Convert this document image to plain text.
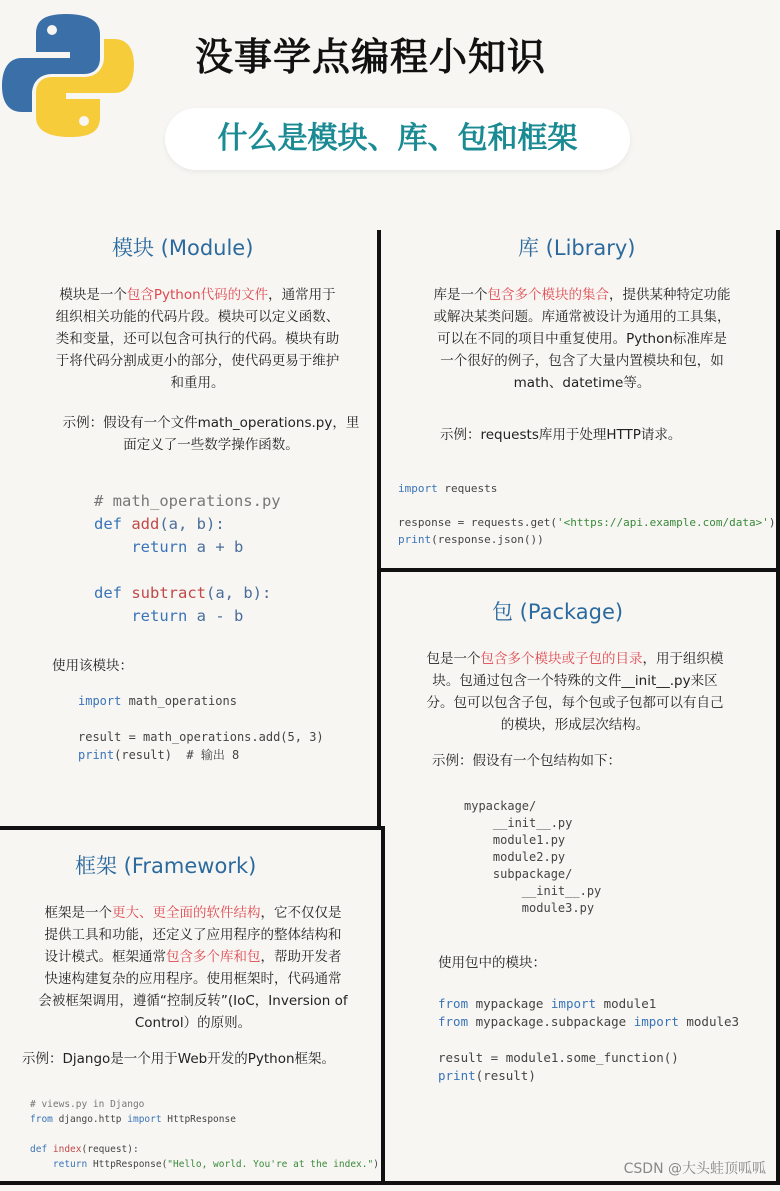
没事学点编程小知识
什么是模块、库、包和框架
模块 (Module)
模块是一个包含Python代码的文件，通常用于组织相关功能的代码片段。模块可以定义函数、类和变量，还可以包含可执行的代码。模块有助于将代码分割成更小的部分，使代码更易于维护和重用。
示例：假设有一个文件math_operations.py，里面定义了一些数学操作函数。
# math_operations.py
def add(a, b):
return a + b

def subtract(a, b):
return a - b
使用该模块：
import math_operations

result = math_operations.add(5, 3)
print(result)  # 输出 8
库 (Library)
库是一个包含多个模块的集合，提供某种特定功能或解决某类问题。库通常被设计为通用的工具集，可以在不同的项目中重复使用。Python标准库是一个很好的例子，包含了大量内置模块和包，如math、datetime等。
示例：requests库用于处理HTTP请求。
import requests

response = requests.get('<https://api.example.com/data>')
print(response.json())
包 (Package)
包是一个包含多个模块或子包的目录，用于组织模块。包通过包含一个特殊的文件__init__.py来区分。包可以包含子包，每个包或子包都可以有自己的模块，形成层次结构。
示例：假设有一个包结构如下：
mypackage/
__init__.py
module1.py
module2.py
subpackage/
__init__.py
module3.py
使用包中的模块：
from mypackage import module1
from mypackage.subpackage import module3

result = module1.some_function()
print(result)
框架 (Framework)
框架是一个更大、更全面的软件结构，它不仅仅是提供工具和功能，还定义了应用程序的整体结构和设计模式。框架通常包含多个库和包，帮助开发者快速构建复杂的应用程序。使用框架时，代码通常会被框架调用，遵循“控制反转”(IoC，Inversion of Control）的原则。
示例：Django是一个用于Web开发的Python框架。
# views.py in Django
from django.http import HttpResponse

def index(request):
return HttpResponse("Hello, world. You're at the index.")	CSDN @大头蛙顶呱呱
